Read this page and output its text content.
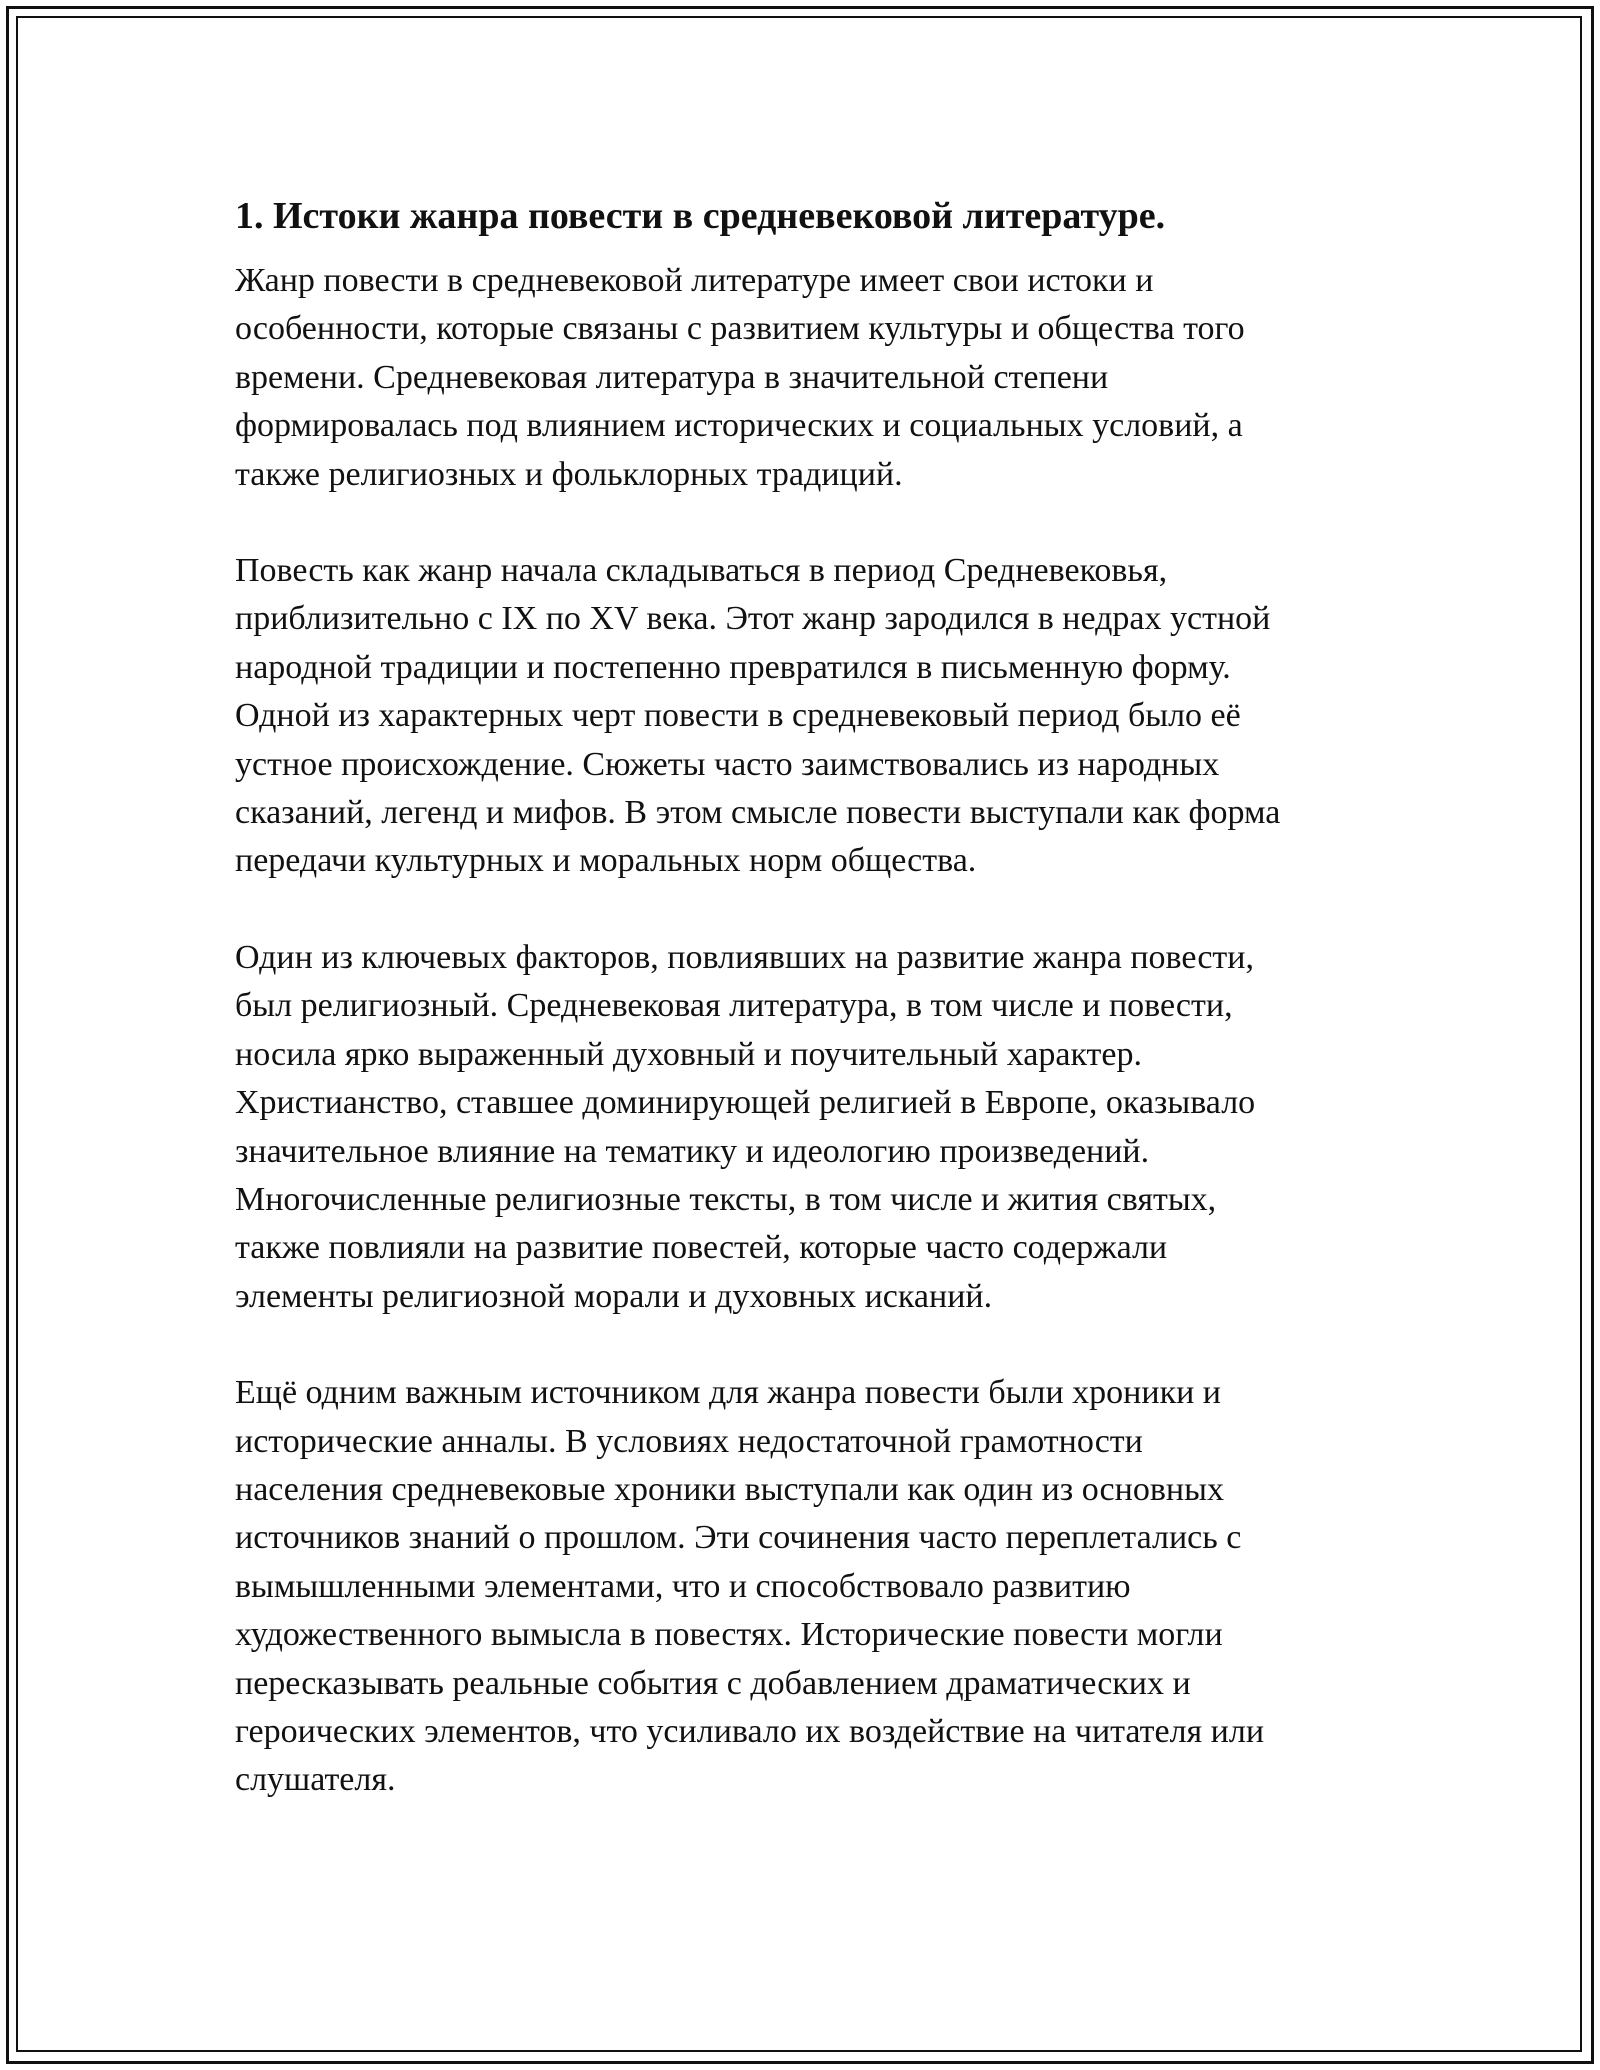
1. Истоки жанра повести в средневековой литературе.

Жанр повести в средневековой литературе имеет свои истоки и
особенности, которые связаны с развитием культуры и общества того
времени. Средневековая литература в значительной степени
формировалась под влиянием исторических и социальных условий, а
также религиозных и фольклорных традиций.

Повесть как жанр начала складываться в период Средневековья,
приблизительно с IX по XV века. Этот жанр зародился в недрах устной
народной традиции и постепенно превратился в письменную форму.
Одной из характерных черт повести в средневековый период было её
устное происхождение. Сюжеты часто заимствовались из народных
сказаний, легенд и мифов. В этом смысле повести выступали как форма
передачи культурных и моральных норм общества.

Один из ключевых факторов, повлиявших на развитие жанра повести,
был религиозный. Средневековая литература, в том числе и повести,
носила ярко выраженный духовный и поучительный характер.
Христианство, ставшее доминирующей религией в Европе, оказывало
значительное влияние на тематику и идеологию произведений.
Многочисленные религиозные тексты, в том числе и жития святых,
также повлияли на развитие повестей, которые часто содержали
элементы религиозной морали и духовных исканий.

Ещё одним важным источником для жанра повести были хроники и
исторические анналы. В условиях недостаточной грамотности
населения средневековые хроники выступали как один из основных
источников знаний о прошлом. Эти сочинения часто переплетались с
вымышленными элементами, что и способствовало развитию
художественного вымысла в повестях. Исторические повести могли
пересказывать реальные события с добавлением драматических и
героических элементов, что усиливало их воздействие на читателя или
слушателя.
